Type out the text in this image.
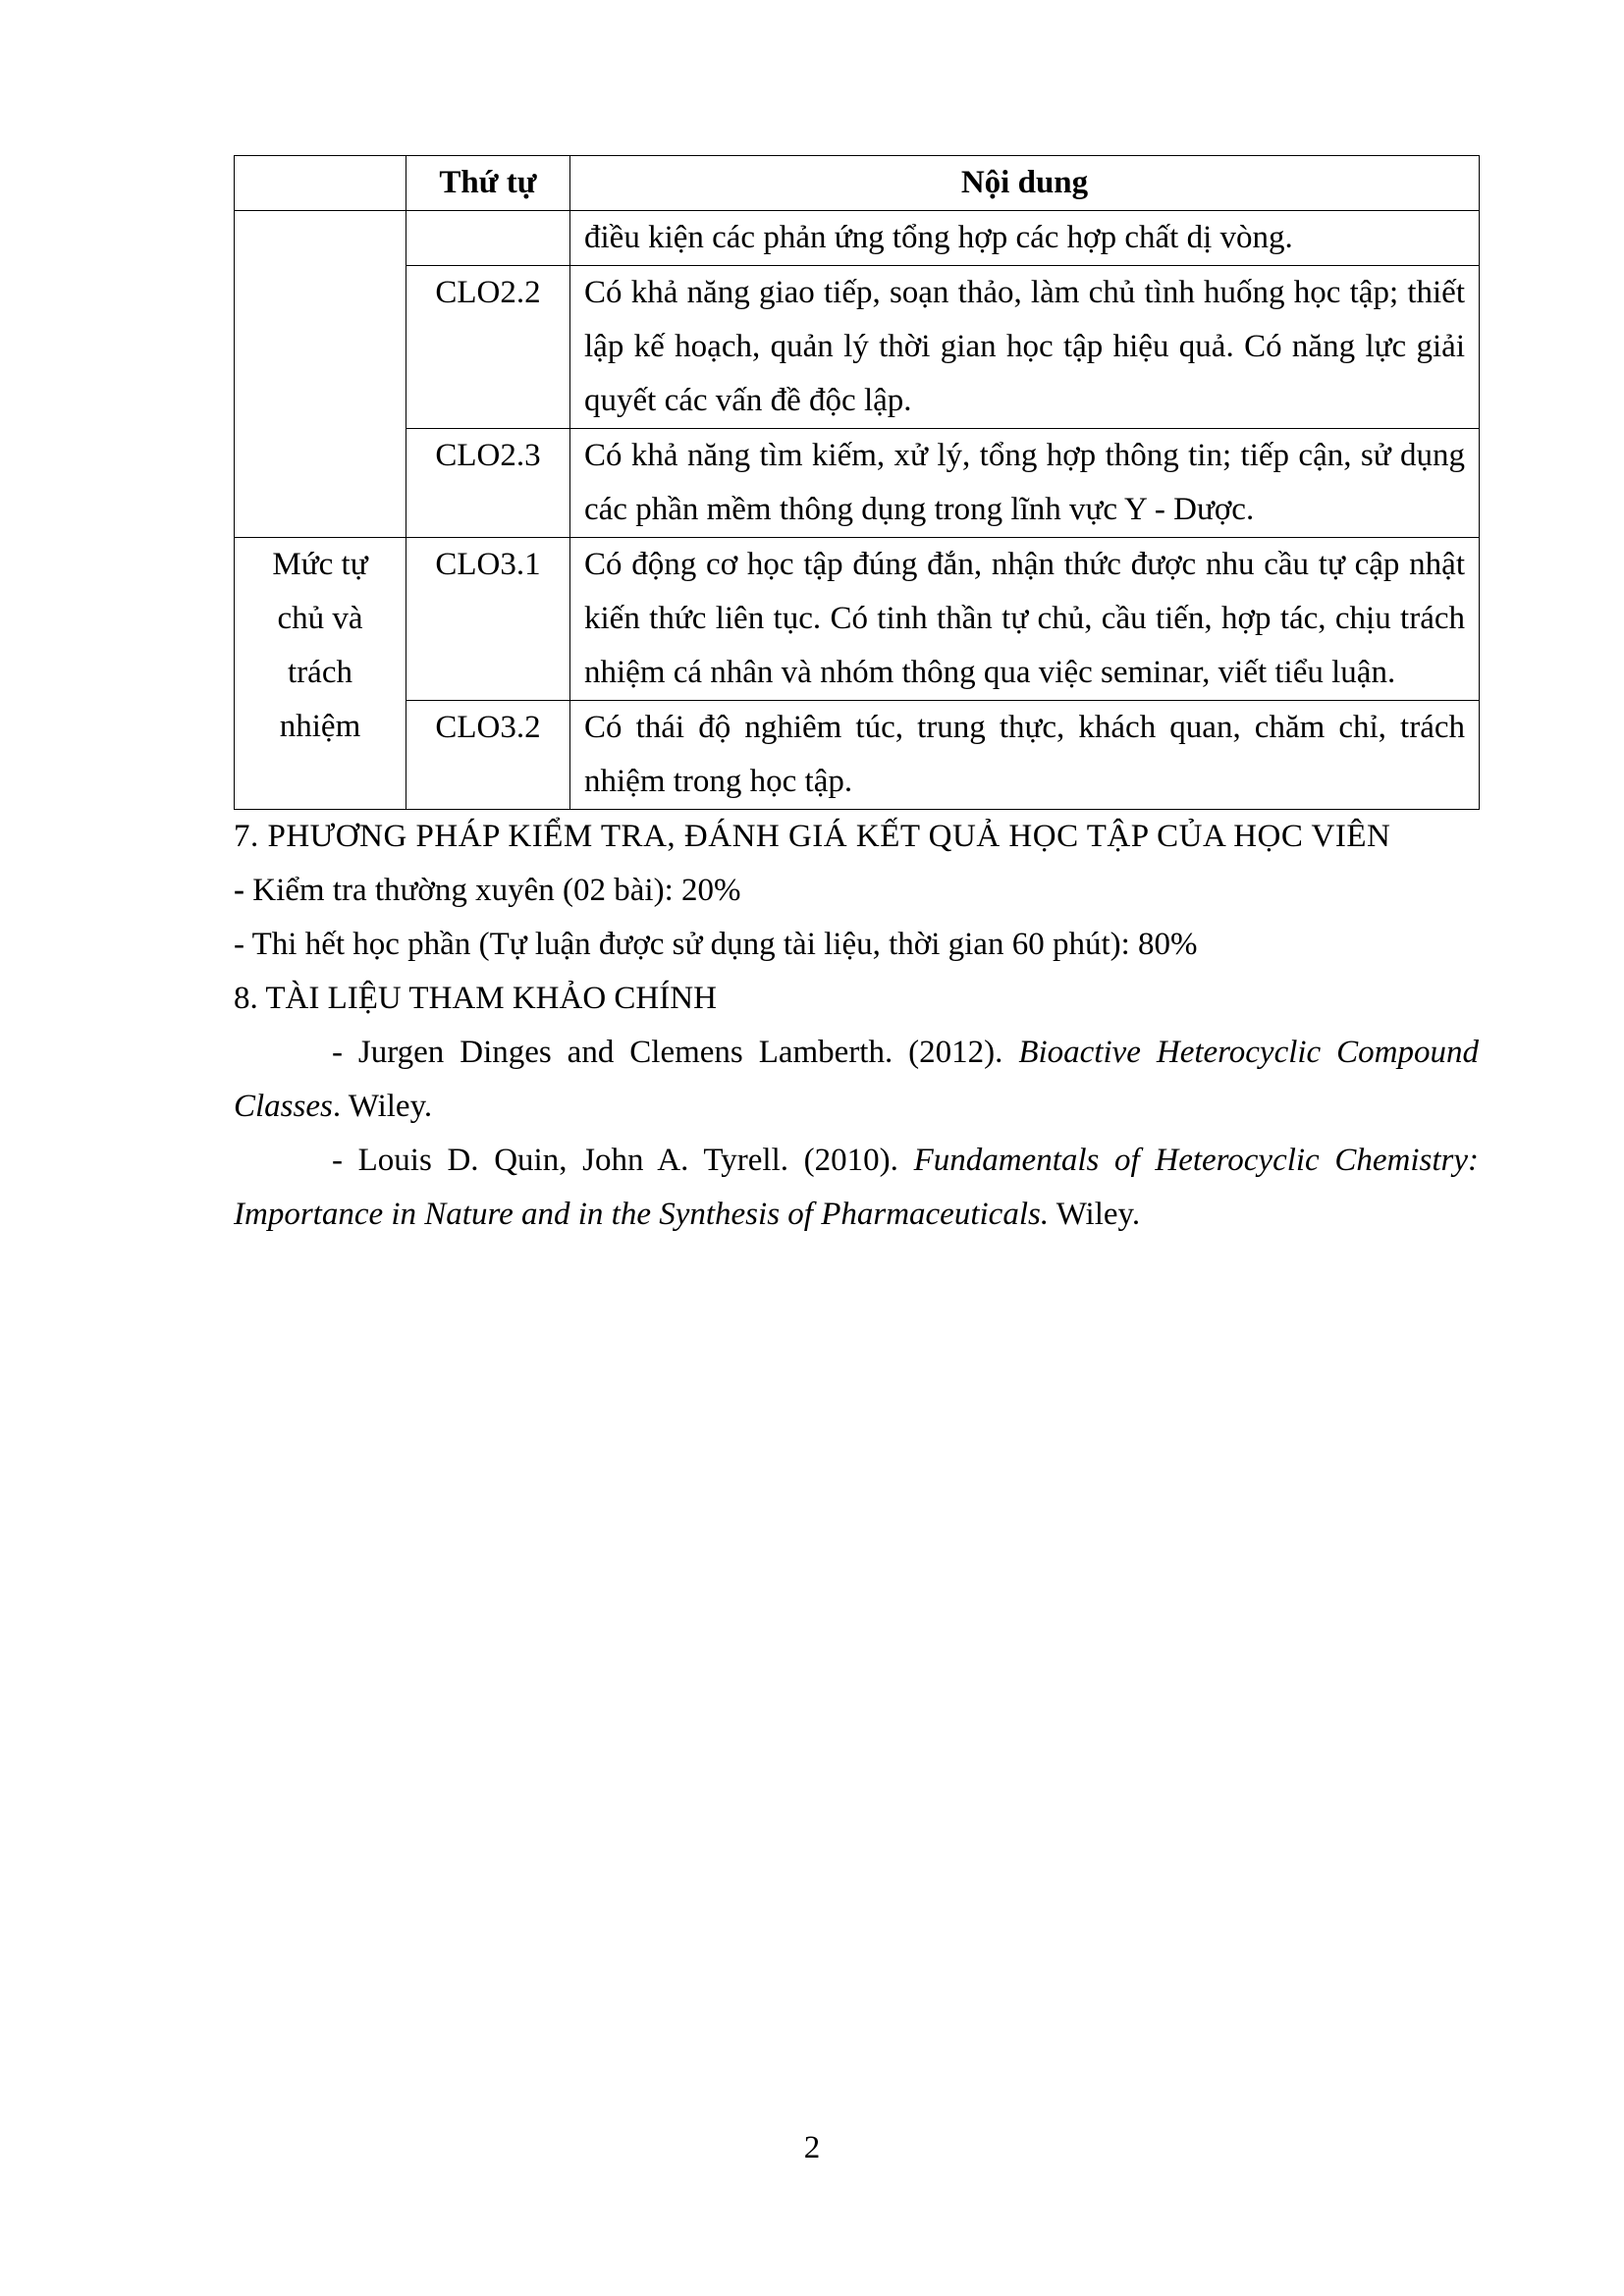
	Thứ tự	Nội dung
		điều kiện các phản ứng tổng hợp các hợp chất dị vòng.
	CLO2.2	Có khả năng giao tiếp, soạn thảo, làm chủ tình huống học tập; thiết lập kế hoạch, quản lý thời gian học tập hiệu quả. Có năng lực giải quyết các vấn đề độc lập.
	CLO2.3	Có khả năng tìm kiếm, xử lý, tổng hợp thông tin; tiếp cận, sử dụng các phần mềm thông dụng trong lĩnh vực Y - Dược.
Mức tự chủ và trách nhiệm	CLO3.1	Có động cơ học tập đúng đắn, nhận thức được nhu cầu tự cập nhật kiến thức liên tục. Có tinh thần tự chủ, cầu tiến, hợp tác, chịu trách nhiệm cá nhân và nhóm thông qua việc seminar, viết tiểu luận.
	CLO3.2	Có thái độ nghiêm túc, trung thực, khách quan, chăm chỉ, trách nhiệm trong học tập.

7. PHƯƠNG PHÁP KIỂM TRA, ĐÁNH GIÁ KẾT QUẢ HỌC TẬP CỦA HỌC VIÊN

- Kiểm tra thường xuyên (02 bài): 20%

- Thi hết học phần (Tự luận được sử dụng tài liệu, thời gian 60 phút): 80%

8. TÀI LIỆU THAM KHẢO CHÍNH

- Jurgen Dinges and Clemens Lamberth. (2012). Bioactive Heterocyclic Compound Classes. Wiley.

- Louis D. Quin, John A. Tyrell. (2010). Fundamentals of Heterocyclic Chemistry: Importance in Nature and in the Synthesis of Pharmaceuticals. Wiley.

2
